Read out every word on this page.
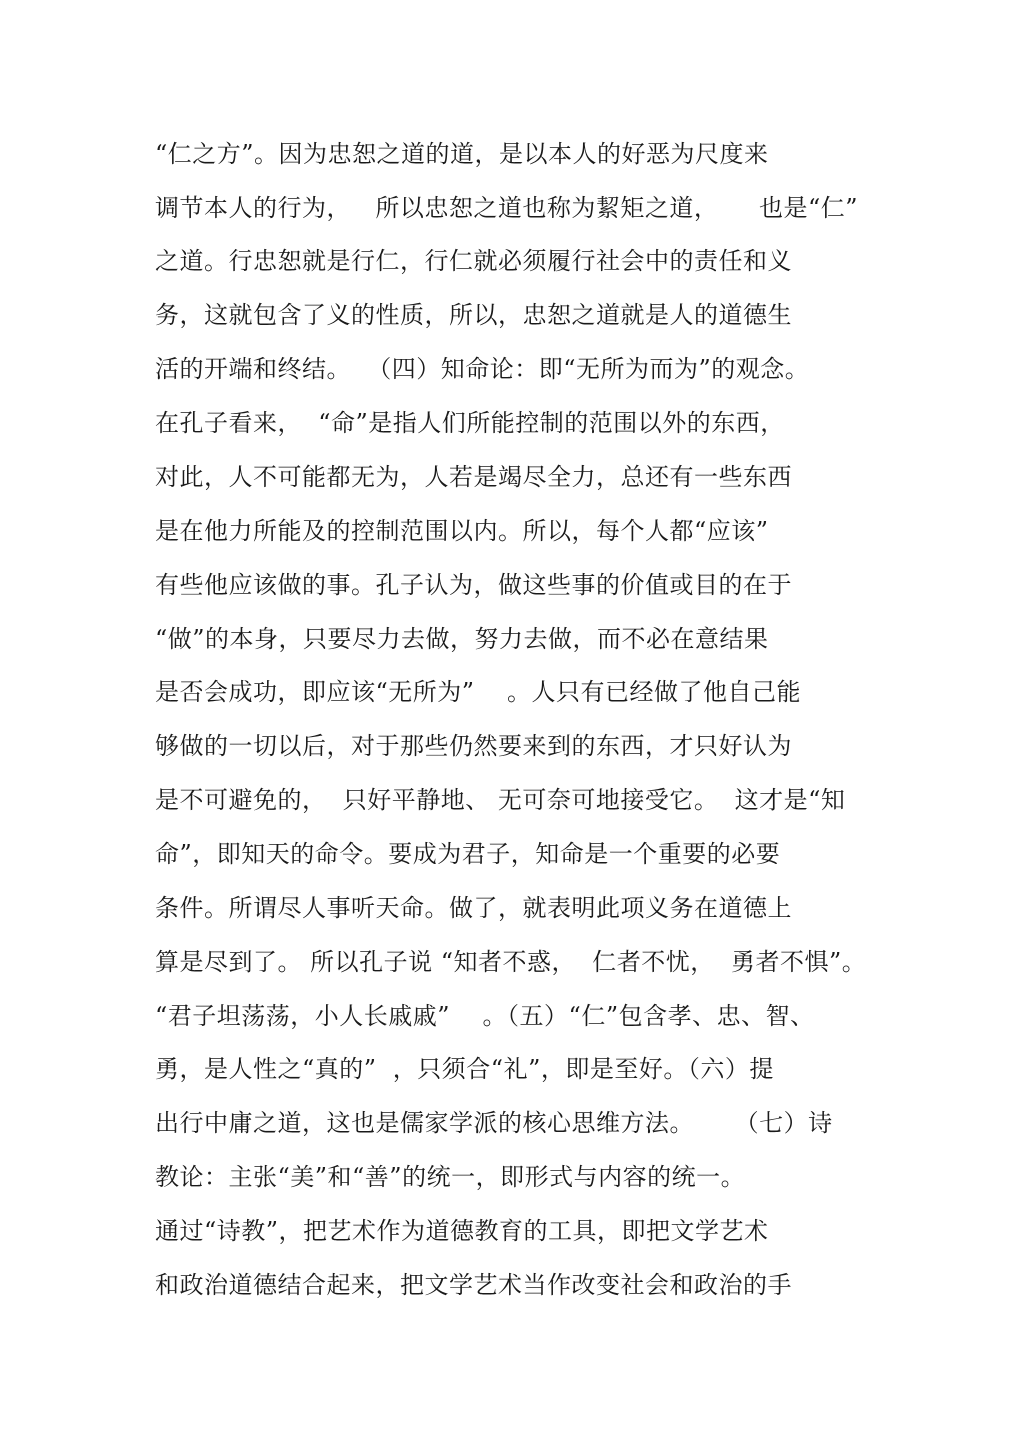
“仁之方”。因为忠恕之道的道，是以本人的好恶为尺度来
调节本人的行为，   所以忠恕之道也称为絜矩之道，     也是“仁”
之道。行忠恕就是行仁，行仁就必须履行社会中的责任和义
务，这就包含了义的性质，所以，忠恕之道就是人的道德生
活的开端和终结。  （四）知命论：即“无所为而为”的观念。
在孔子看来，  “命”是指人们所能控制的范围以外的东西，
对此，人不可能都无为，人若是竭尽全力，总还有一些东西
是在他力所能及的控制范围以内。所以，每个人都“应该”
有些他应该做的事。孔子认为，做这些事的价值或目的在于
“做”的本身，只要尽力去做，努力去做，而不必在意结果
是否会成功，即应该“无所为”    。人只有已经做了他自己能
够做的一切以后，对于那些仍然要来到的东西，才只好认为
是不可避免的，  只好平静地、 无可奈可地接受它。  这才是“知
命”，即知天的命令。要成为君子，知命是一个重要的必要
条件。所谓尽人事听天命。做了，就表明此项义务在道德上
算是尽到了。 所以孔子说 “知者不惑，  仁者不忧，  勇者不惧”。
“君子坦荡荡，小人长戚戚”    。（五）“仁”包含孝、忠、智、
勇，是人性之“真的”  ，只须合“礼”，即是至好。（六）提
出行中庸之道，这也是儒家学派的核心思维方法。     （七）诗
教论：主张“美”和“善”的统一，即形式与内容的统一。
通过“诗教”，把艺术作为道德教育的工具，即把文学艺术
和政治道德结合起来，把文学艺术当作改变社会和政治的手
